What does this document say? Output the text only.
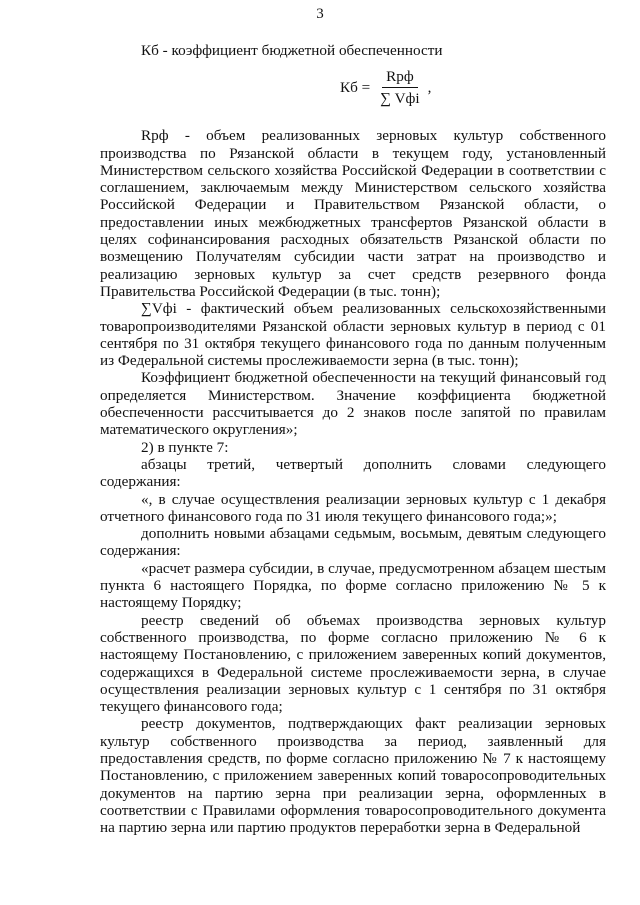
3

Кб - коэффициент бюджетной обеспеченности

Кб = $\frac{\text{Rрф}}{\text{∑ Vфi}}$ ,

Rрф - объем реализованных зерновых культур собственного производства по Рязанской области в текущем году, установленный Министерством сельского хозяйства Российской Федерации в соответствии с соглашением, заключаемым между Министерством сельского хозяйства Российской Федерации и Правительством Рязанской области, о предоставлении иных межбюджетных трансфертов Рязанской области в целях софинансирования расходных обязательств Рязанской области по возмещению Получателям субсидии части затрат на производство и реализацию зерновых культур за счет средств резервного фонда Правительства Российской Федерации (в тыс. тонн);

∑Vфi - фактический объем реализованных сельскохозяйственными товаропроизводителями Рязанской области зерновых культур в период с 01 сентября по 31 октября текущего финансового года по данным полученным из Федеральной системы прослеживаемости зерна (в тыс. тонн);

Коэффициент бюджетной обеспеченности на текущий финансовый год определяется Министерством. Значение коэффициента бюджетной обеспеченности рассчитывается до 2 знаков после запятой по правилам математического округления»;

2) в пункте 7:

абзацы третий, четвертый дополнить словами следующего содержания:

«, в случае осуществления реализации зерновых культур с 1 декабря отчетного финансового года по 31 июля текущего финансового года;»;

дополнить новыми абзацами седьмым, восьмым, девятым следующего содержания:

«расчет размера субсидии, в случае, предусмотренном абзацем шестым пункта 6 настоящего Порядка, по форме согласно приложению № 5 к настоящему Порядку;

реестр сведений об объемах производства зерновых культур собственного производства, по форме согласно приложению № 6 к настоящему Постановлению, с приложением заверенных копий документов, содержащихся в Федеральной системе прослеживаемости зерна, в случае осуществления реализации зерновых культур с 1 сентября по 31 октября текущего финансового года;

реестр документов, подтверждающих факт реализации зерновых культур собственного производства за период, заявленный для предоставления средств, по форме согласно приложению № 7 к настоящему Постановлению, с приложением заверенных копий товаросопроводительных документов на партию зерна при реализации зерна, оформленных в соответствии с Правилами оформления товаросопроводительного документа на партию зерна или партию продуктов переработки зерна в Федеральной
